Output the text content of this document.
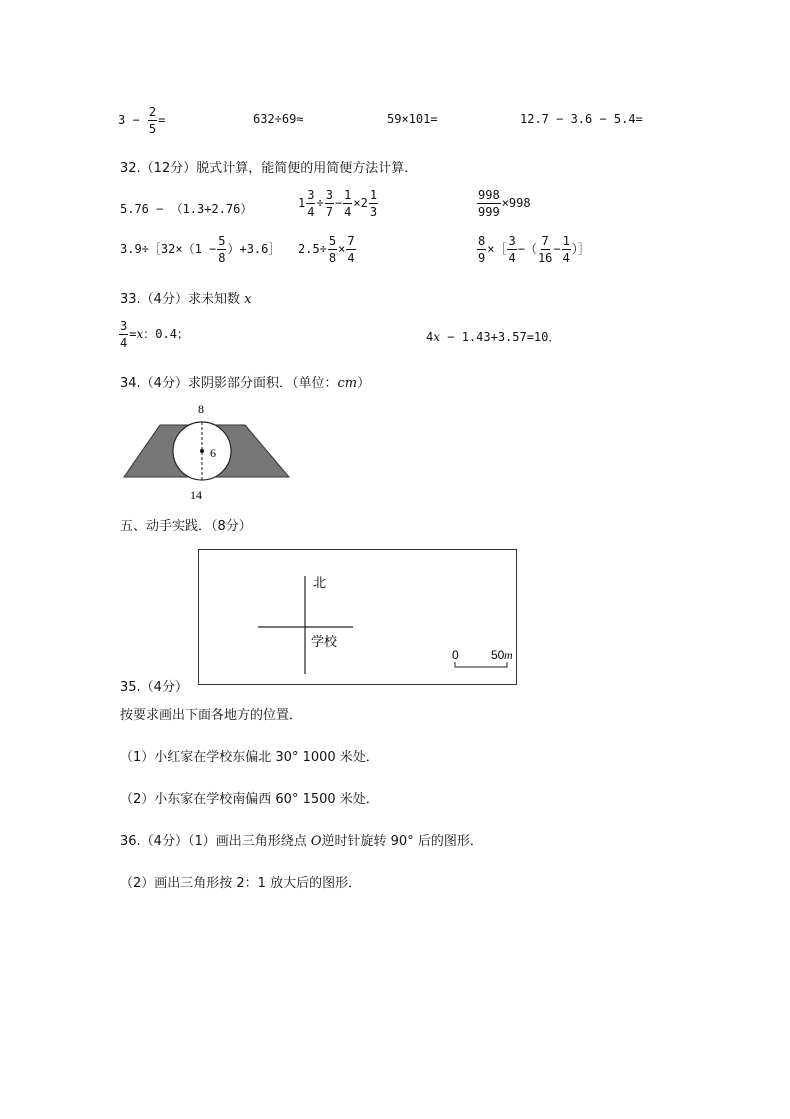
$3 - \frac{2}{5}$ =	632÷69≈	59×101=	12.7 − 3.6 − 5.4=
32.（12分）脱式计算，能简便的用简便方法计算．
5.76 − （1.3+2.76）	$1 \frac{3}{4} \div \frac{3}{7} - \frac{1}{4} \times 2 \frac{1}{3}$	$\frac{998}{999} \times 998$
3.9÷［32×（1 − $\frac{5}{8}$ ）+3.6］ $2.5\div \frac{5}{8} \times \frac{7}{4}$	$\frac{8}{9}$ ×［ $\frac{3}{4}$ −（ $\frac{7}{16} - \frac{1}{4}$ ）］
33.（4分）求未知数 x
$\frac{3}{4} =x$：0.4；	4x − 1.43+3.57=10．
34.（4分）求阴影部分面积．（单位：cm）
8
6
14
五、动手实践．（8分）
北
学校
0	50 m
35.（4分）
按要求画出下面各地方的位置．
（1）小红家在学校东偏北 30° 1000 米处．
（2）小东家在学校南偏西 60° 1500 米处．
36.（4分）（1）画出三角形绕点 O逆时针旋转 90° 后的图形．
（2）画出三角形按 2：1 放大后的图形．
